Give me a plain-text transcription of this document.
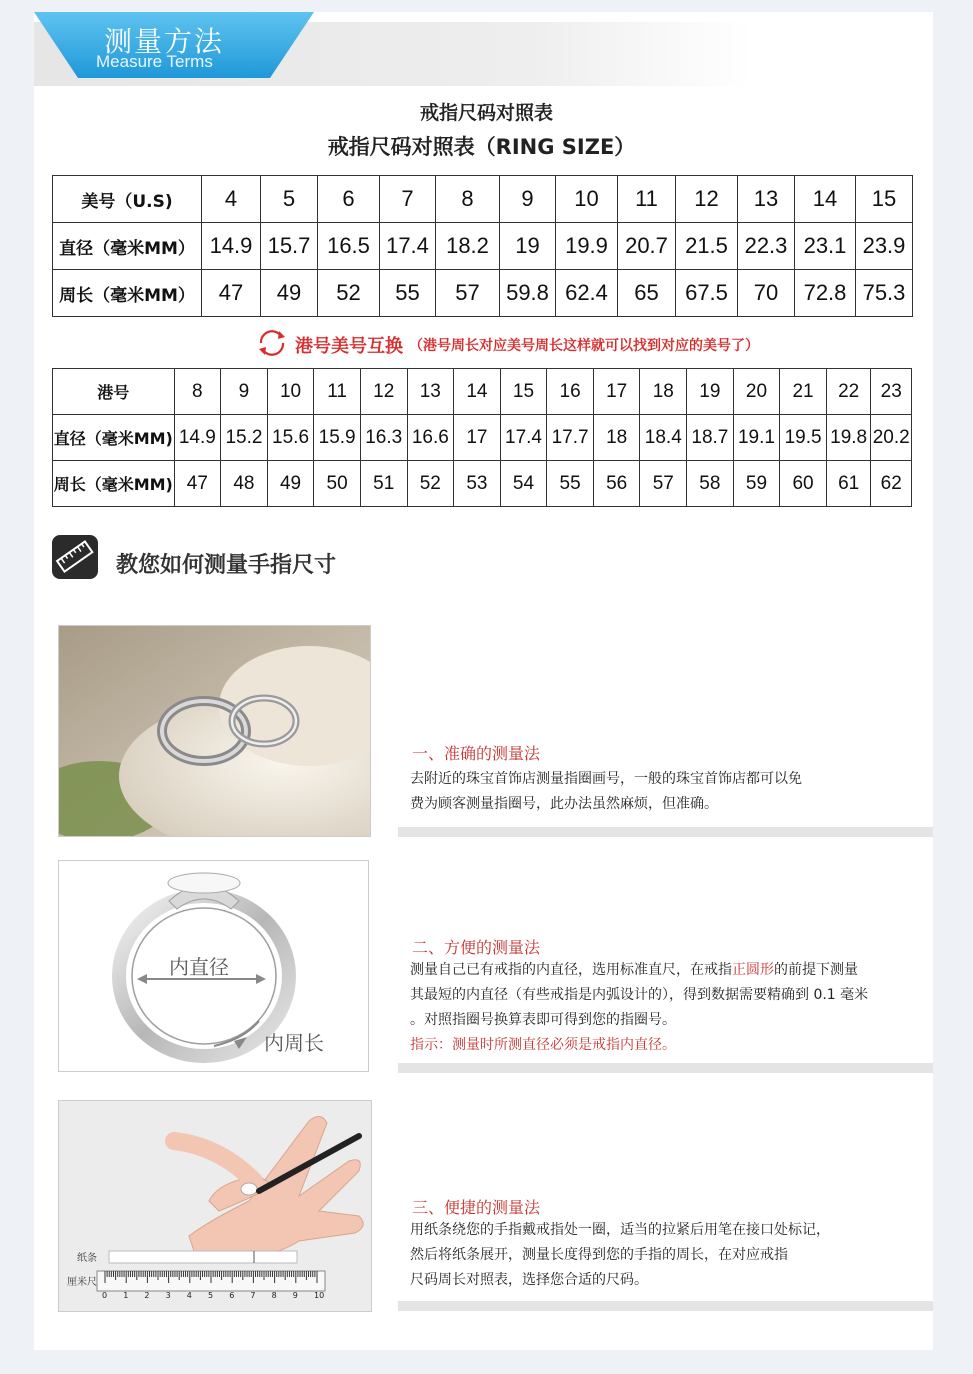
测量方法
Measure Terms
戒指尺码对照表
戒指尺码对照表（RING SIZE）
美号（U.S)	4	5	6	7	8	9	10	11	12	13	14	15
直径（毫米MM）	14.9	15.7	16.5	17.4	18.2	19	19.9	20.7	21.5	22.3	23.1	23.9
周长（毫米MM）	47	49	52	55	57	59.8	62.4	65	67.5	70	72.8	75.3
港号美号互换 （港号周长对应美号周长这样就可以找到对应的美号了）
港号	8	9	10	11	12	13	14	15	16	17	18	19	20	21	22	23
直径（毫米MM)	14.9	15.2	15.6	15.9	16.3	16.6	17	17.4	17.7	18	18.4	18.7	19.1	19.5	19.8	20.2
周长（毫米MM)	47	48	49	50	51	52	53	54	55	56	57	58	59	60	61	62
教您如何测量手指尺寸
内直径
内周长
纸条
厘米尺
0 1 2 3 4 5 6 7 8 9 10
一、准确的测量法
去附近的珠宝首饰店测量指圈画号，一般的珠宝首饰店都可以免
费为顾客测量指圈号，此办法虽然麻烦，但准确。
二、方便的测量法
测量自己已有戒指的内直径，选用标准直尺，在戒指正圆形的前提下测量
其最短的内直径（有些戒指是内弧设计的），得到数据需要精确到 0.1 毫米
。对照指圈号换算表即可得到您的指圈号。
指示：测量时所测直径必须是戒指内直径。
三、便捷的测量法
用纸条绕您的手指戴戒指处一圈，适当的拉紧后用笔在接口处标记，
然后将纸条展开，测量长度得到您的手指的周长，在对应戒指
尺码周长对照表，选择您合适的尺码。
